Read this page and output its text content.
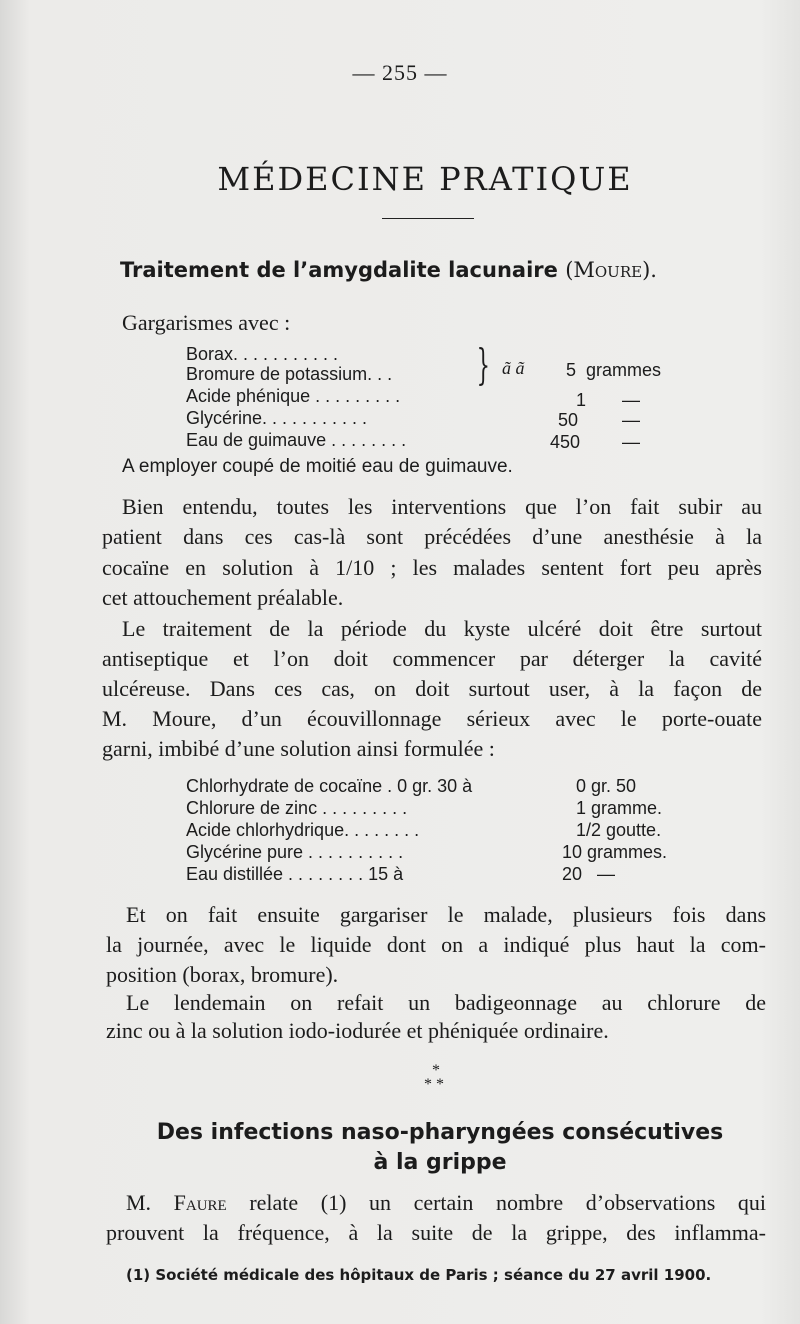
— 255 —
MÉDECINE PRATIQUE
Traitement de l’amygdalite lacunaire (Moure).
Gargarismes avec :
Borax. . . . . . . . . . .
Bromure de potassium. . . } ã ã 5 grammes
Acide phénique . . . . . . . . .	1 —
Glycérine. . . . . . . . . . .	50 —
Eau de guimauve . . . . . . . .	450 —
A employer coupé de moitié eau de guimauve.
Bien entendu, toutes les interventions que l’on fait subir au
patient dans ces cas-là sont précédées d’une anesthésie à la
cocaïne en solution à 1/10 ; les malades sentent fort peu après
cet attouchement préalable.
Le traitement de la période du kyste ulcéré doit être surtout
antiseptique et l’on doit commencer par déterger la cavité
ulcéreuse. Dans ces cas, on doit surtout user, à la façon de
M. Moure, d’un écouvillonnage sérieux avec le porte-ouate
garni, imbibé d’une solution ainsi formulée :
Chlorhydrate de cocaïne . 0 gr. 30 à	0 gr. 50
Chlorure de zinc . . . . . . . . .	1 gramme.
Acide chlorhydrique. . . . . . . .	1/2 goutte.
Glycérine pure . . . . . . . . . .	10 grammes.
Eau distillée . . . . . . . . 15 à	20   —
Et on fait ensuite gargariser le malade, plusieurs fois dans
la journée, avec le liquide dont on a indiqué plus haut la com-
position (borax, bromure).
Le lendemain on refait un badigeonnage au chlorure de
zinc ou à la solution iodo-iodurée et phéniquée ordinaire.
*
* *
Des infections naso-pharyngées consécutives
à la grippe
M. Faure relate (1) un certain nombre d’observations qui
prouvent la fréquence, à la suite de la grippe, des inflamma-
(1) Société médicale des hôpitaux de Paris ; séance du 27 avril 1900.
